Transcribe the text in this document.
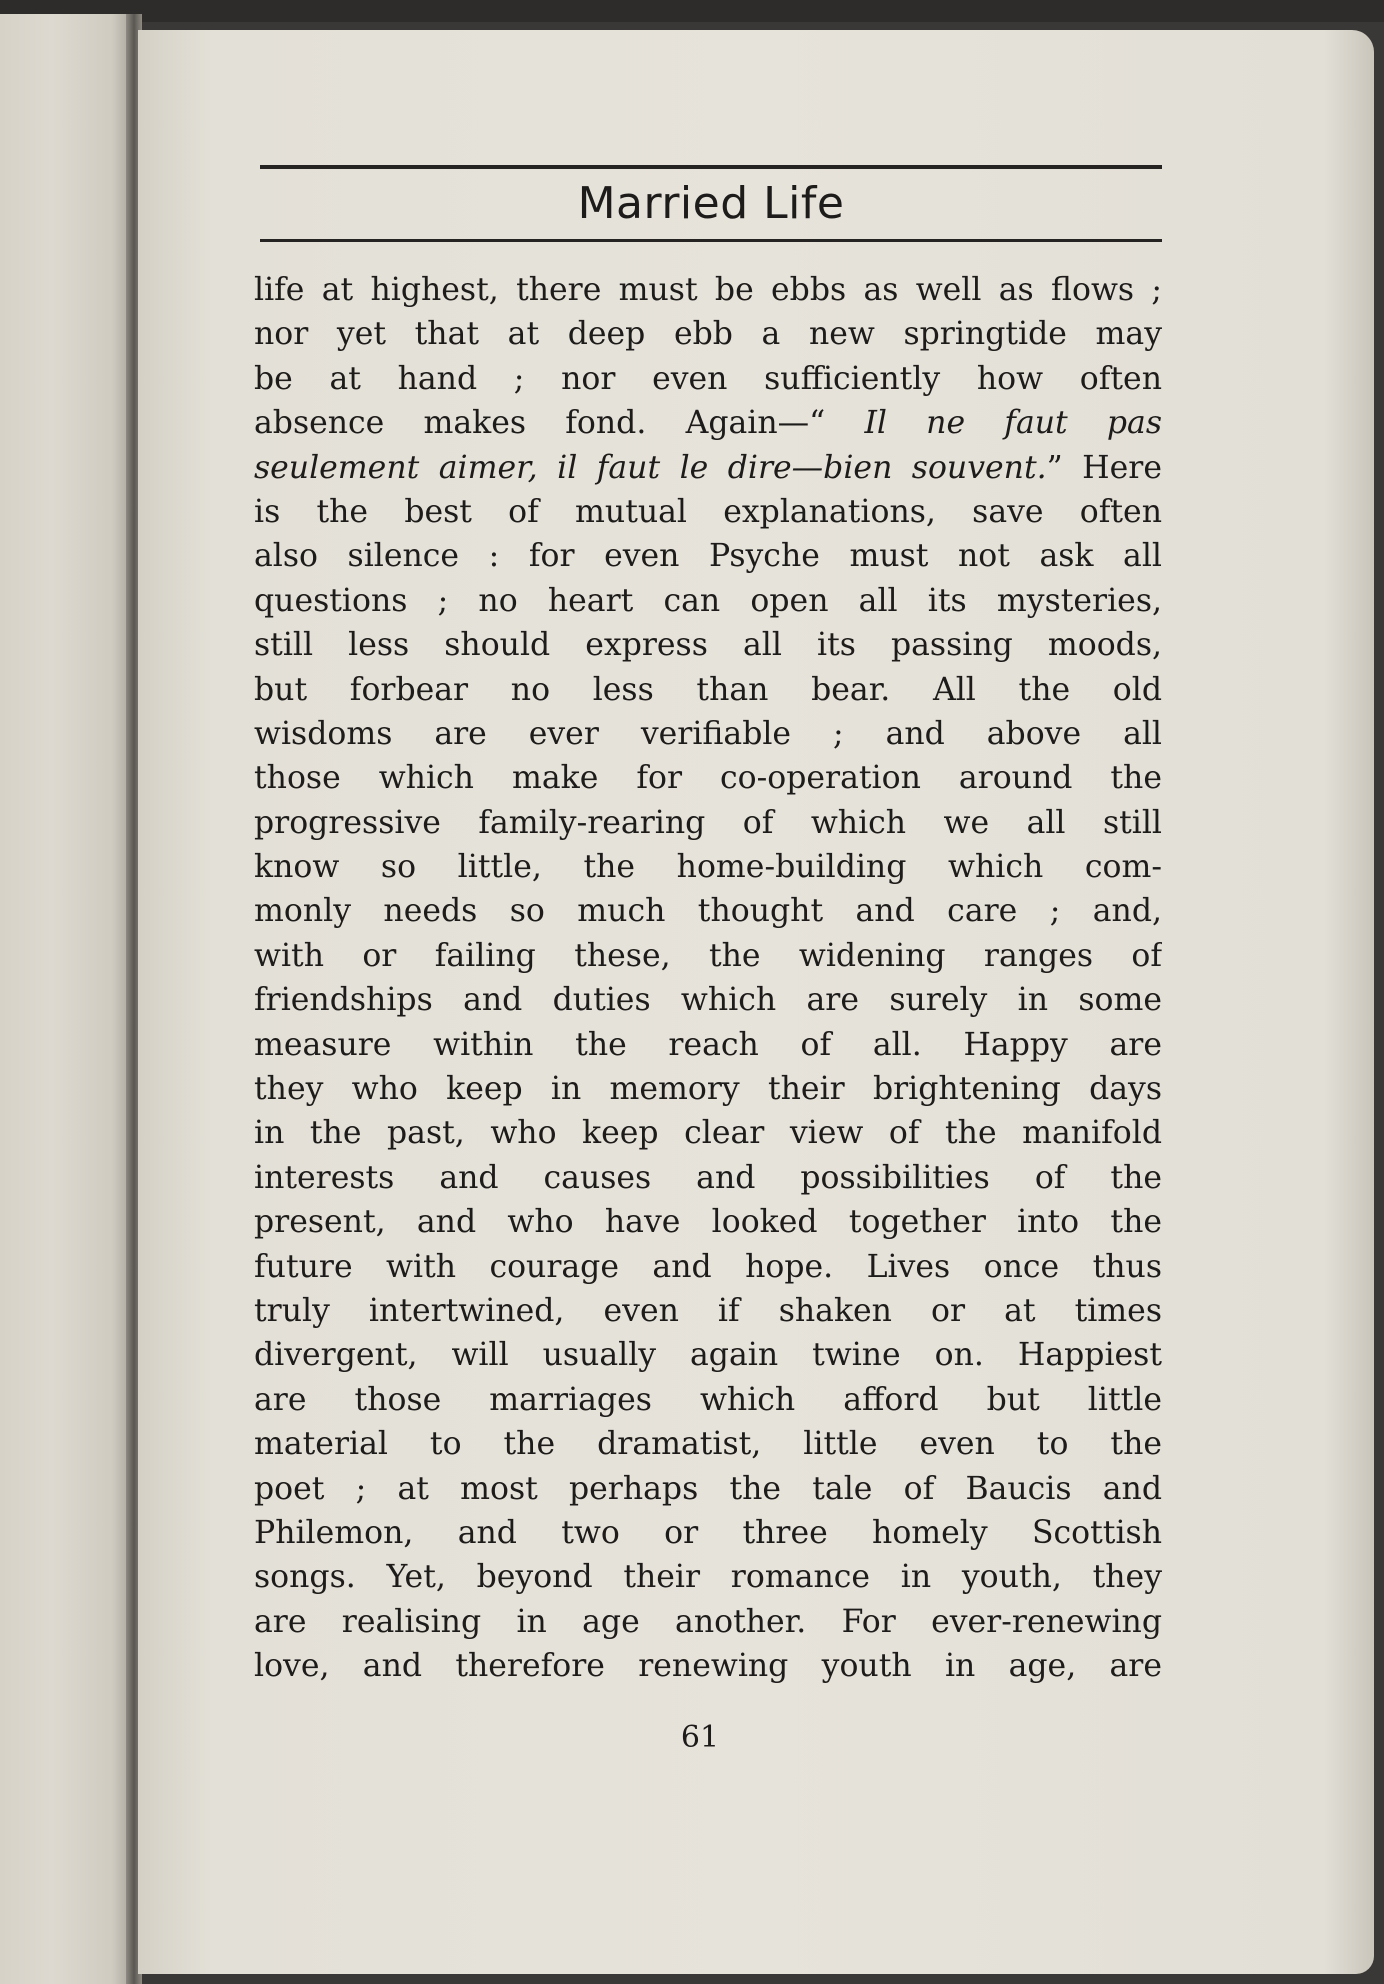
Married Life
life at highest, there must be ebbs as well as flows ;
nor yet that at deep ebb a new springtide may
be at hand ; nor even sufficiently how often
absence makes fond. Again—“ Il ne faut pas
seulement aimer, il faut le dire—bien souvent.” Here
is the best of mutual explanations, save often
also silence : for even Psyche must not ask all
questions ; no heart can open all its mysteries,
still less should express all its passing moods,
but forbear no less than bear. All the old
wisdoms are ever verifiable ; and above all
those which make for co-operation around the
progressive family-rearing of which we all still
know so little, the home-building which com-
monly needs so much thought and care ; and,
with or failing these, the widening ranges of
friendships and duties which are surely in some
measure within the reach of all. Happy are
they who keep in memory their brightening days
in the past, who keep clear view of the manifold
interests and causes and possibilities of the
present, and who have looked together into the
future with courage and hope. Lives once thus
truly intertwined, even if shaken or at times
divergent, will usually again twine on. Happiest
are those marriages which afford but little
material to the dramatist, little even to the
poet ; at most perhaps the tale of Baucis and
Philemon, and two or three homely Scottish
songs. Yet, beyond their romance in youth, they
are realising in age another. For ever-renewing
love, and therefore renewing youth in age, are
61
